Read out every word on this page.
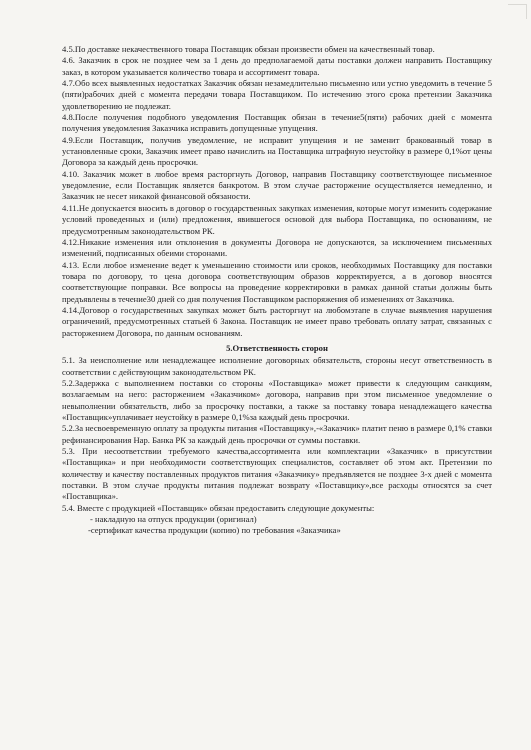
4.5.По доставке некачественного товара Поставщик обязан произвести обмен на качественный товар.

4.6. Заказчик в срок не позднее чем за 1 день до предполагаемой даты поставки должен направить Поставщику заказ, в котором указывается количество товара и ассортимент товара.

4.7.Обо всех выявленных недостатках Заказчик обязан незамедлительно письменно или устно уведомить в течение 5 (пяти)рабочих дней с момента передачи товара Поставщиком. По истечению этого срока претензии Заказчика удовлетворению не подлежат.

4.8.После получения подобного уведомления Поставщик обязан в течение5(пяти) рабочих дней с момента получения уведомления Заказчика исправить допущенные упущения.

4.9.Если Поставщик, получив уведомление, не исправит упущения и не заменит бракованный товар в установленные сроки, Заказчик имеет право начислить на Поставщика штрафную неустойку в размере 0,1%от цены Договора за каждый день просрочки.

4.10. Заказчик может в любое время расторгнуть Договор, направив Поставщику соответствующее письменное уведомление, если Поставщик является банкротом. В этом случае расторжение осуществляется немедленно, и Заказчик не несет никакой финансовой обязаности.

4.11.Не допускается вносить в договор о государственных закупках изменения, которые могут изменить содержание условий проведенных и (или) предложения, явившегося основой для выбора Поставщика, по основаниям, не предусмотренным законодательством РК.

4.12.Никакие изменения или отклонения в документы Договора не допускаются, за исключением письменных изменений, подписанных обеими сторонами.

4.13. Если любое изменение ведет к уменьшению стоимости или сроков, необходимых Поставщику для поставки товара по договору, то цена договора соответствующим образов корректируется, а в договор вносятся соответствующие поправки. Все вопросы на проведение корректировки в рамках данной статьи должны быть предъявлены в течение30 дней со дня получения Поставщиком распоряжения об изменениях от Заказчика.

4.14.Договор о государственных закупках может быть расторгнут на любомэтапе в случае выявления нарушения ограничений, предусмотренных статьей 6 Закона. Поставщик не имеет право требовать оплату затрат, связанных с расторжением Договора, по данным основаниям.

5.Ответственность сторон

5.1. За неисполнение или ненадлежащее исполнение договорных обязательств, стороны несут ответственность в соответствии с действующим законодательством РК.

5.2.Задержка с выполнением поставки со стороны «Поставщика» может привести к следующим санкциям, возлагаемым на него: расторжением «Заказчиком» договора, направив при этом письменное уведомление о невыполнении обязательств, либо за просрочку поставки, а также за поставку товара ненадлежащего качества «Поставщик»уплачивает неустойку в размере 0,1%за каждый день просрочки.

5.2.За несвоевременную оплату за продукты питания «Поставщику»,-«Заказчик» платит пеню в размере 0,1% ставки рефинансирования Нар. Банка РК за каждый день просрочки от суммы поставки.

5.3. При несоответствии требуемого качества,ассортимента или комплектации «Заказчик» в присутствии «Поставщика» и при необходимости соответствующих специалистов, составляет об этом акт. Претензии по количеству и качеству поставленных продуктов питания «Заказчику» предъявляется не позднее 3-х дней с момента поставки. В этом случае продукты питания подлежат возврату «Поставщику»,все расходы относятся за счет «Поставщика».

5.4. Вместе с продукцией «Поставщик» обязан предоставить следующие документы:

- накладную на отпуск продукции (оригинал)

-сертификат качества продукции (копию) по требования «Заказчика»
